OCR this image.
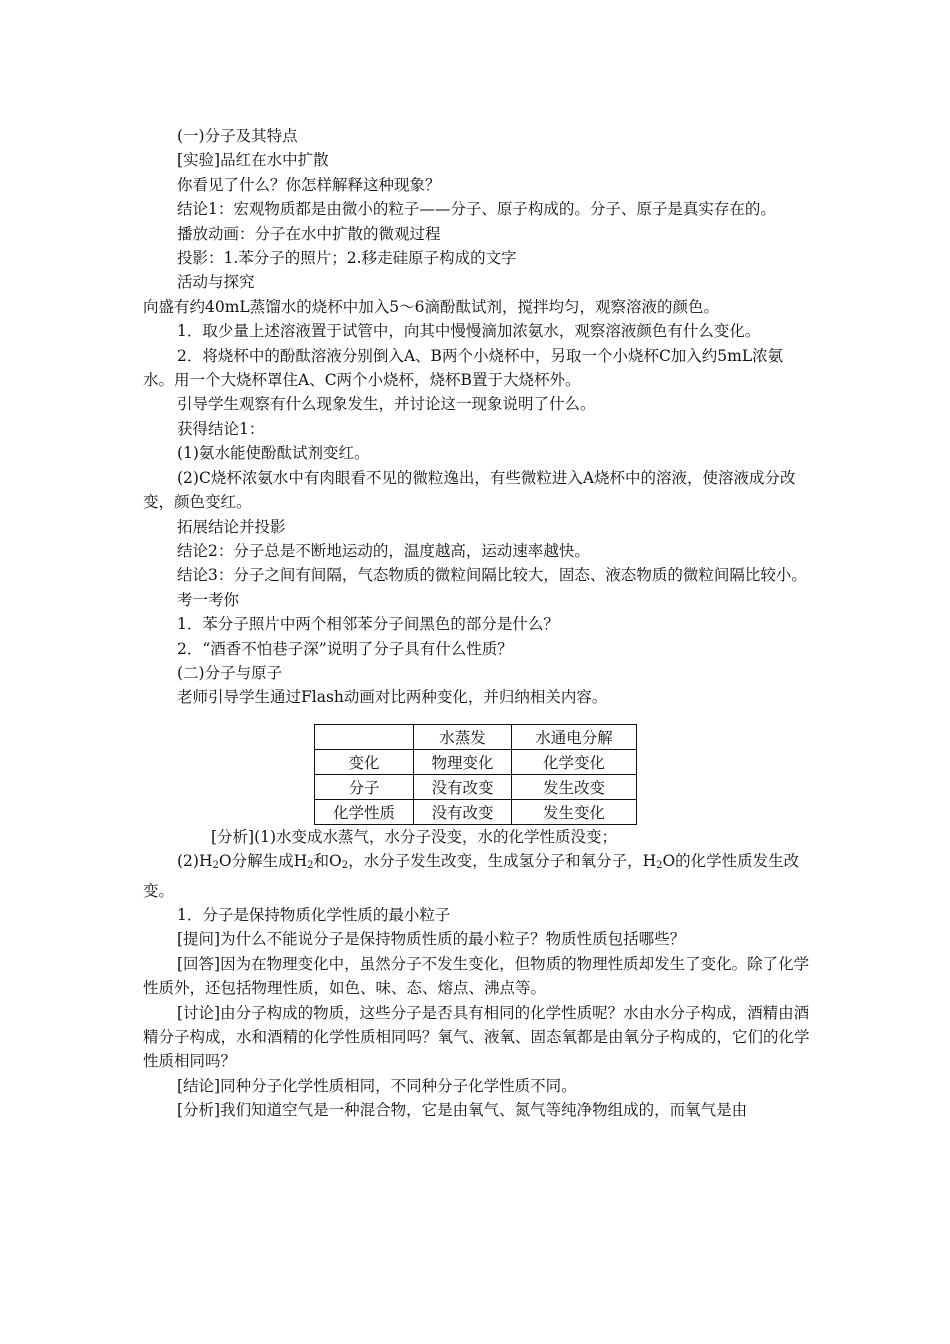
(一)分子及其特点

[实验]品红在水中扩散

你看见了什么？你怎样解释这种现象？

结论1：宏观物质都是由微小的粒子——分子、原子构成的。分子、原子是真实存在的。

播放动画：分子在水中扩散的微观过程

投影：1.苯分子的照片；2.移走硅原子构成的文字

活动与探究

向盛有约40mL蒸馏水的烧杯中加入5～6滴酚酞试剂，搅拌均匀，观察溶液的颜色。

1．取少量上述溶液置于试管中，向其中慢慢滴加浓氨水，观察溶液颜色有什么变化。

2．将烧杯中的酚酞溶液分别倒入A、B两个小烧杯中，另取一个小烧杯C加入约5mL浓氨水。用一个大烧杯罩住A、C两个小烧杯，烧杯B置于大烧杯外。

引导学生观察有什么现象发生，并讨论这一现象说明了什么。

获得结论1：

(1)氨水能使酚酞试剂变红。

(2)C烧杯浓氨水中有肉眼看不见的微粒逸出，有些微粒进入A烧杯中的溶液，使溶液成分改变，颜色变红。

拓展结论并投影

结论2：分子总是不断地运动的，温度越高，运动速率越快。

结论3：分子之间有间隔，气态物质的微粒间隔比较大，固态、液态物质的微粒间隔比较小。

考一考你

1．苯分子照片中两个相邻苯分子间黑色的部分是什么？

2．“酒香不怕巷子深”说明了分子具有什么性质？

(二)分子与原子

老师引导学生通过Flash动画对比两种变化，并归纳相关内容。

	水蒸发	水通电分解
变化	物理变化	化学变化
分子	没有改变	发生改变
化学性质	没有改变	发生变化

[分析](1)水变成水蒸气，水分子没变，水的化学性质没变；

$(2)H_2O$分解生成$H_2$和$O_2$，水分子发生改变，生成氢分子和氧分子，$H_2O$的化学性质发生改变。

1．分子是保持物质化学性质的最小粒子

[提问]为什么不能说分子是保持物质性质的最小粒子？物质性质包括哪些？

[回答]因为在物理变化中，虽然分子不发生变化，但物质的物理性质却发生了变化。除了化学性质外，还包括物理性质，如色、味、态、熔点、沸点等。

[讨论]由分子构成的物质，这些分子是否具有相同的化学性质呢？水由水分子构成，酒精由酒精分子构成，水和酒精的化学性质相同吗？氧气、液氧、固态氧都是由氧分子构成的，它们的化学性质相同吗？

[结论]同种分子化学性质相同，不同种分子化学性质不同。

[分析]我们知道空气是一种混合物，它是由氧气、氮气等纯净物组成的，而氧气是由
